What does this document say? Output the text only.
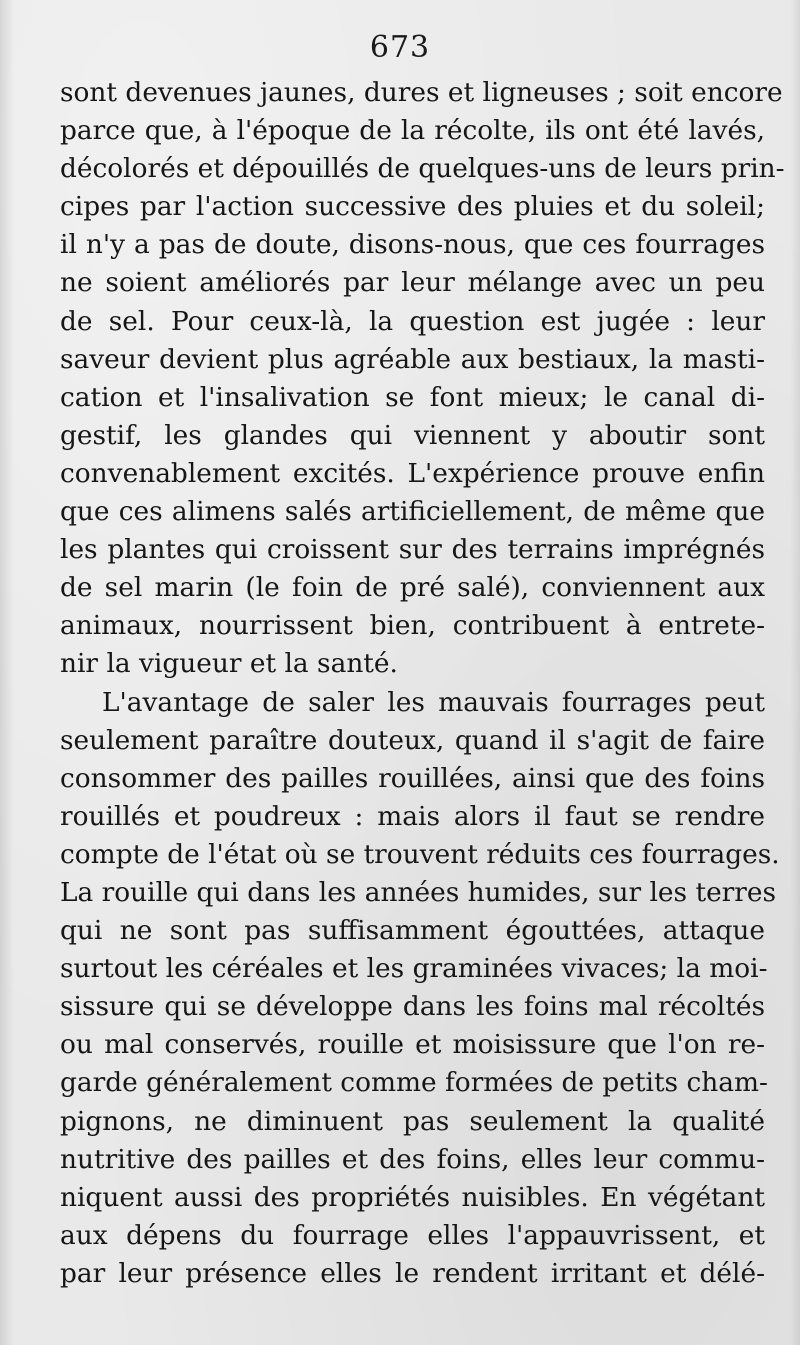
673
sont devenues jaunes, dures et ligneuses ; soit encore
parce que, à l'époque de la récolte, ils ont été lavés,
décolorés et dépouillés de quelques-uns de leurs prin-
cipes par l'action successive des pluies et du soleil;
il n'y a pas de doute, disons-nous, que ces fourrages
ne soient améliorés par leur mélange avec un peu
de sel. Pour ceux-là, la question est jugée : leur
saveur devient plus agréable aux bestiaux, la masti-
cation et l'insalivation se font mieux; le canal di-
gestif, les glandes qui viennent y aboutir sont
convenablement excités. L'expérience prouve enfin
que ces alimens salés artificiellement, de même que
les plantes qui croissent sur des terrains imprégnés
de sel marin (le foin de pré salé), conviennent aux
animaux, nourrissent bien, contribuent à entrete-
nir la vigueur et la santé.
L'avantage de saler les mauvais fourrages peut
seulement paraître douteux, quand il s'agit de faire
consommer des pailles rouillées, ainsi que des foins
rouillés et poudreux : mais alors il faut se rendre
compte de l'état où se trouvent réduits ces fourrages.
La rouille qui dans les années humides, sur les terres
qui ne sont pas suffisamment égouttées, attaque
surtout les céréales et les graminées vivaces; la moi-
sissure qui se développe dans les foins mal récoltés
ou mal conservés, rouille et moisissure que l'on re-
garde généralement comme formées de petits cham-
pignons, ne diminuent pas seulement la qualité
nutritive des pailles et des foins, elles leur commu-
niquent aussi des propriétés nuisibles. En végétant
aux dépens du fourrage elles l'appauvrissent, et
par leur présence elles le rendent irritant et délé-
